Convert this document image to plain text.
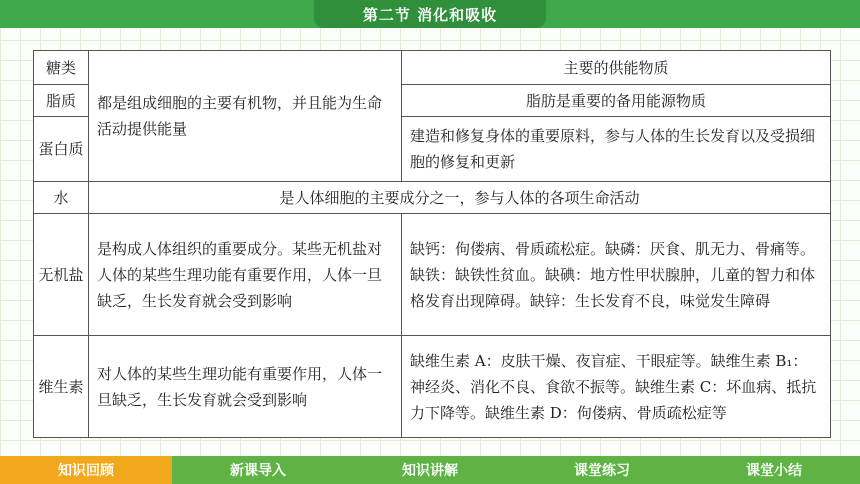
第二节 消化和吸收
糖类	都是组成细胞的主要有机物，并且能为生命活动提供能量	主要的供能物质
脂质		脂肪是重要的备用能源物质
蛋白质		建造和修复身体的重要原料，参与人体的生长发育以及受损细胞的修复和更新
水	是人体细胞的主要成分之一，参与人体的各项生命活动	
无机盐	是构成人体组织的重要成分。某些无机盐对人体的某些生理功能有重要作用，人体一旦缺乏，生长发育就会受到影响	缺钙：佝偻病、骨质疏松症。缺磷：厌食、肌无力、骨痛等。缺铁：缺铁性贫血。缺碘：地方性甲状腺肿，儿童的智力和体格发育出现障碍。缺锌：生长发育不良，味觉发生障碍
维生素	对人体的某些生理功能有重要作用，人体一旦缺乏，生长发育就会受到影响	缺维生素 A：皮肤干燥、夜盲症、干眼症等。缺维生素 B₁：神经炎、消化不良、食欲不振等。缺维生素 C：坏血病、抵抗力下降等。缺维生素 D：佝偻病、骨质疏松症等
知识回顾	新课导入	知识讲解	课堂练习	课堂小结
